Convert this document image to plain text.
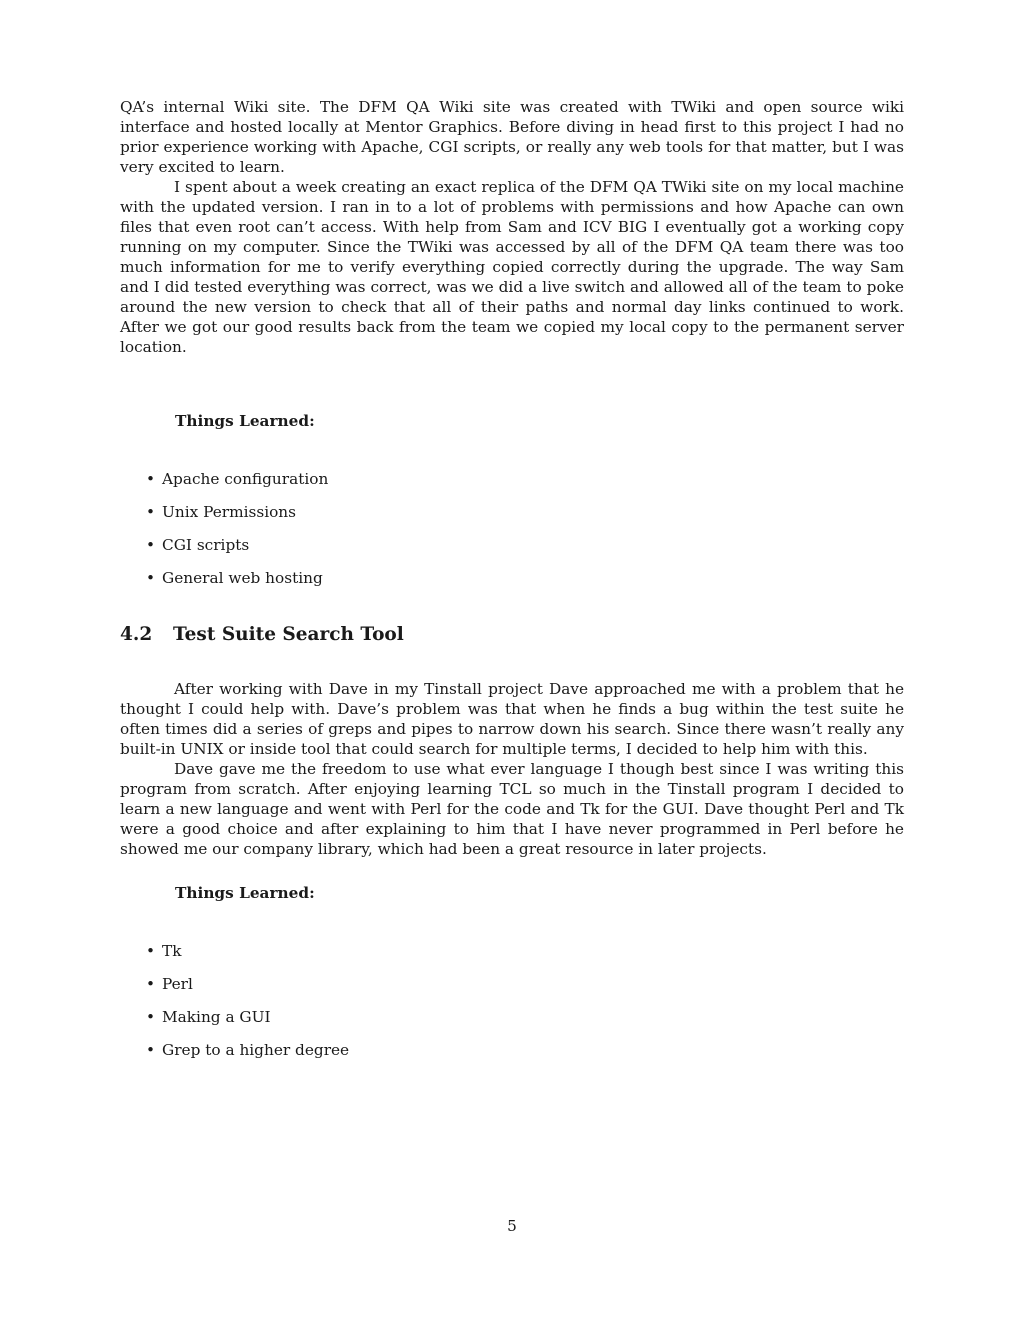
QA’s internal Wiki site. The DFM QA Wiki site was created with TWiki and open source wiki interface and hosted locally at Mentor Graphics. Before diving in head first to this project I had no prior experience working with Apache, CGI scripts, or really any web tools for that matter, but I was very excited to learn.

I spent about a week creating an exact replica of the DFM QA TWiki site on my local machine with the updated version. I ran in to a lot of problems with permissions and how Apache can own files that even root can’t access. With help from Sam and ICV BIG I eventually got a working copy running on my computer. Since the TWiki was accessed by all of the DFM QA team there was too much information for me to verify everything copied correctly during the upgrade. The way Sam and I did tested everything was correct, was we did a live switch and allowed all of the team to poke around the new version to check that all of their paths and normal day links continued to work. After we got our good results back from the team we copied my local copy to the permanent server location.

Things Learned:
• Apache configuration
• Unix Permissions
• CGI scripts
• General web hosting
4.2 Test Suite Search Tool

After working with Dave in my Tinstall project Dave approached me with a problem that he thought I could help with. Dave’s problem was that when he finds a bug within the test suite he often times did a series of greps and pipes to narrow down his search. Since there wasn’t really any built-in UNIX or inside tool that could search for multiple terms, I decided to help him with this.

Dave gave me the freedom to use what ever language I though best since I was writing this program from scratch. After enjoying learning TCL so much in the Tinstall program I decided to learn a new language and went with Perl for the code and Tk for the GUI. Dave thought Perl and Tk were a good choice and after explaining to him that I have never programmed in Perl before he showed me our company library, which had been a great resource in later projects.

Things Learned:
• Tk
• Perl
• Making a GUI
• Grep to a higher degree
5
